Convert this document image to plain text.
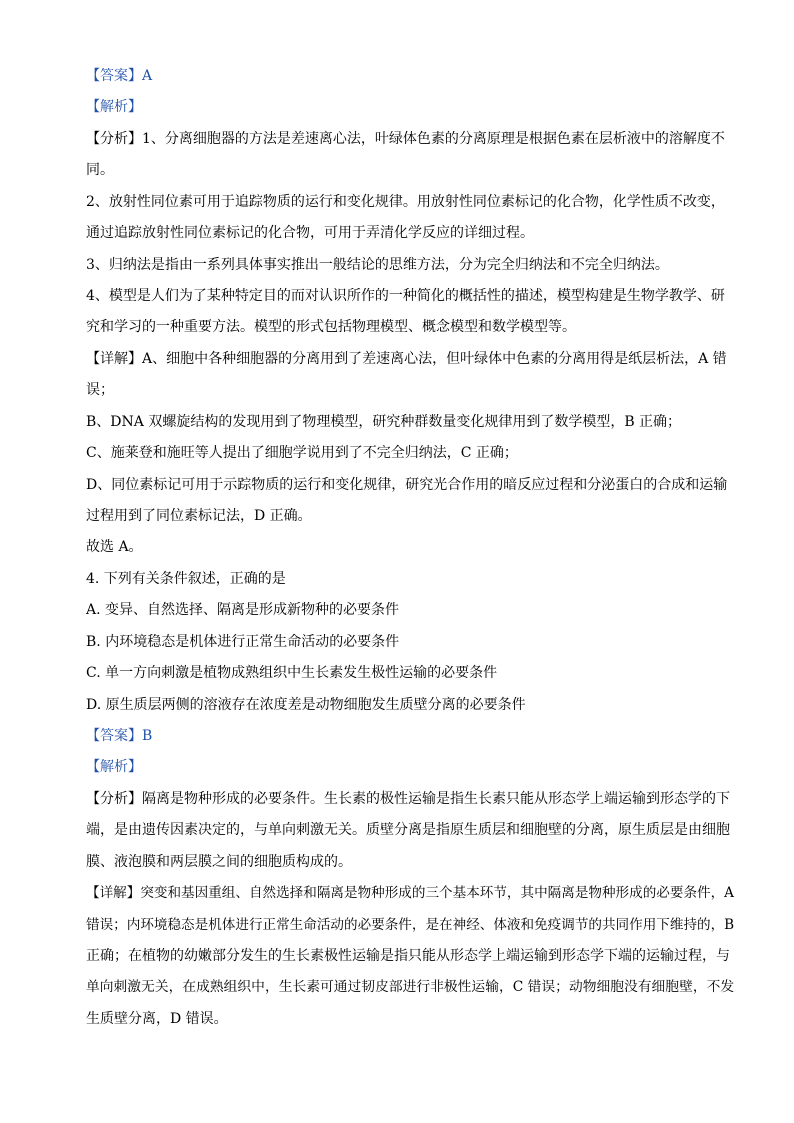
【答案】A
【解析】
【分析】1、分离细胞器的方法是差速离心法，叶绿体色素的分离原理是根据色素在层析液中的溶解度不
同。
2、放射性同位素可用于追踪物质的运行和变化规律。用放射性同位素标记的化合物，化学性质不改变，
通过追踪放射性同位素标记的化合物，可用于弄清化学反应的详细过程。
3、归纳法是指由一系列具体事实推出一般结论的思维方法，分为完全归纳法和不完全归纳法。
4、模型是人们为了某种特定目的而对认识所作的一种简化的概括性的描述，模型构建是生物学教学、研
究和学习的一种重要方法。模型的形式包括物理模型、概念模型和数学模型等。
【详解】A、细胞中各种细胞器的分离用到了差速离心法，但叶绿体中色素的分离用得是纸层析法，A 错
误；
B、DNA 双螺旋结构的发现用到了物理模型，研究种群数量变化规律用到了数学模型，B 正确；
C、施莱登和施旺等人提出了细胞学说用到了不完全归纳法，C 正确；
D、同位素标记可用于示踪物质的运行和变化规律，研究光合作用的暗反应过程和分泌蛋白的合成和运输
过程用到了同位素标记法，D 正确。
故选 A。
4. 下列有关条件叙述，正确的是
A. 变异、自然选择、隔离是形成新物种的必要条件
B. 内环境稳态是机体进行正常生命活动的必要条件
C. 单一方向刺激是植物成熟组织中生长素发生极性运输的必要条件
D. 原生质层两侧的溶液存在浓度差是动物细胞发生质壁分离的必要条件
【答案】B
【解析】
【分析】隔离是物种形成的必要条件。生长素的极性运输是指生长素只能从形态学上端运输到形态学的下
端，是由遗传因素决定的，与单向刺激无关。质壁分离是指原生质层和细胞壁的分离，原生质层是由细胞
膜、液泡膜和两层膜之间的细胞质构成的。
【详解】突变和基因重组、自然选择和隔离是物种形成的三个基本环节，其中隔离是物种形成的必要条件，A
错误；内环境稳态是机体进行正常生命活动的必要条件，是在神经、体液和免疫调节的共同作用下维持的，B
正确；在植物的幼嫩部分发生的生长素极性运输是指只能从形态学上端运输到形态学下端的运输过程，与
单向刺激无关，在成熟组织中，生长素可通过韧皮部进行非极性运输，C 错误；动物细胞没有细胞壁，不发
生质壁分离，D 错误。
